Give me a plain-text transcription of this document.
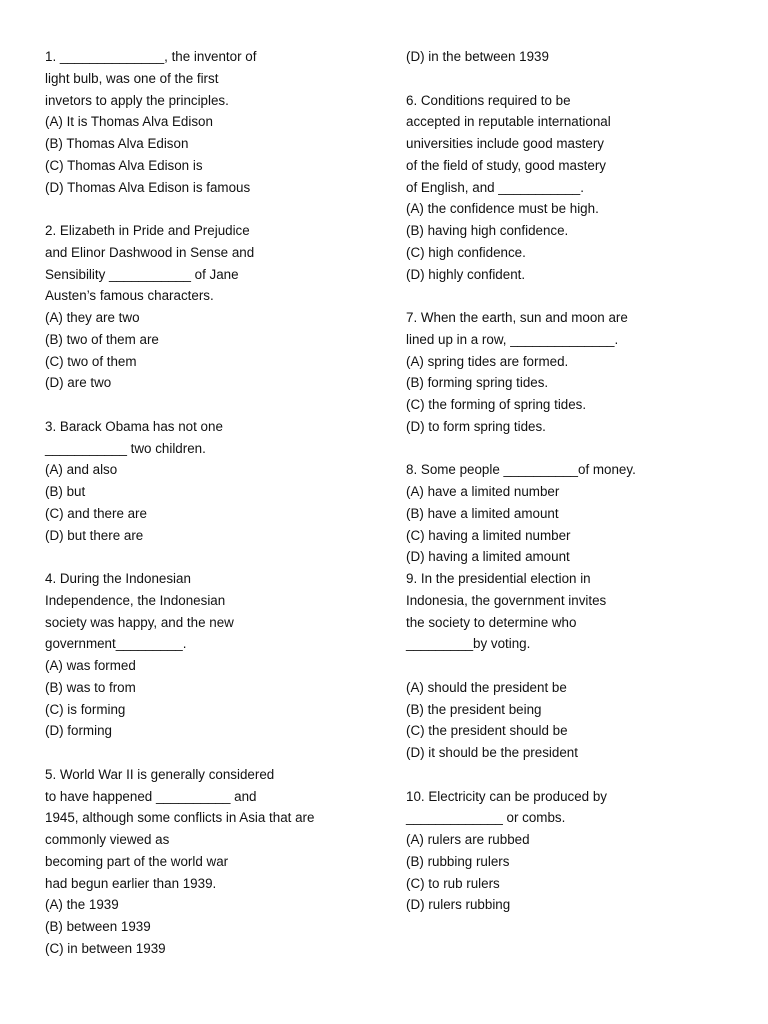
1. ______________, the inventor of
light bulb, was one of the first
invetors to apply the principles.
(A) It is Thomas Alva Edison
(B) Thomas Alva Edison
(C) Thomas Alva Edison is
(D) Thomas Alva Edison is famous
2. Elizabeth in Pride and Prejudice
and Elinor Dashwood in Sense and
Sensibility ___________ of Jane
Austen’s famous characters.
(A) they are two
(B) two of them are
(C) two of them
(D) are two
3. Barack Obama has not one
___________ two children.
(A) and also
(B) but
(C) and there are
(D) but there are
4. During the Indonesian
Independence, the Indonesian
society was happy, and the new
government_________.
(A) was formed
(B) was to from
(C) is forming
(D) forming
5. World War II is generally considered
to have happened __________ and
1945, although some conflicts in Asia that are
commonly viewed as
becoming part of the world war
had begun earlier than 1939.
(A) the 1939
(B) between 1939
(C) in between 1939
(D) in the between 1939
6. Conditions required to be
accepted in reputable international
universities include good mastery
of the field of study, good mastery
of English, and ___________.
(A) the confidence must be high.
(B) having high confidence.
(C) high confidence.
(D) highly confident.
7. When the earth, sun and moon are
lined up in a row, ______________.
(A) spring tides are formed.
(B) forming spring tides.
(C) the forming of spring tides.
(D) to form spring tides.
8. Some people __________of money.
(A) have a limited number
(B) have a limited amount
(C) having a limited number
(D) having a limited amount
9. In the presidential election in
Indonesia, the government invites
the society to determine who
_________by voting.
(A) should the president be
(B) the president being
(C) the president should be
(D) it should be the president
10. Electricity can be produced by
_____________ or combs.
(A) rulers are rubbed
(B) rubbing rulers
(C) to rub rulers
(D) rulers rubbing
